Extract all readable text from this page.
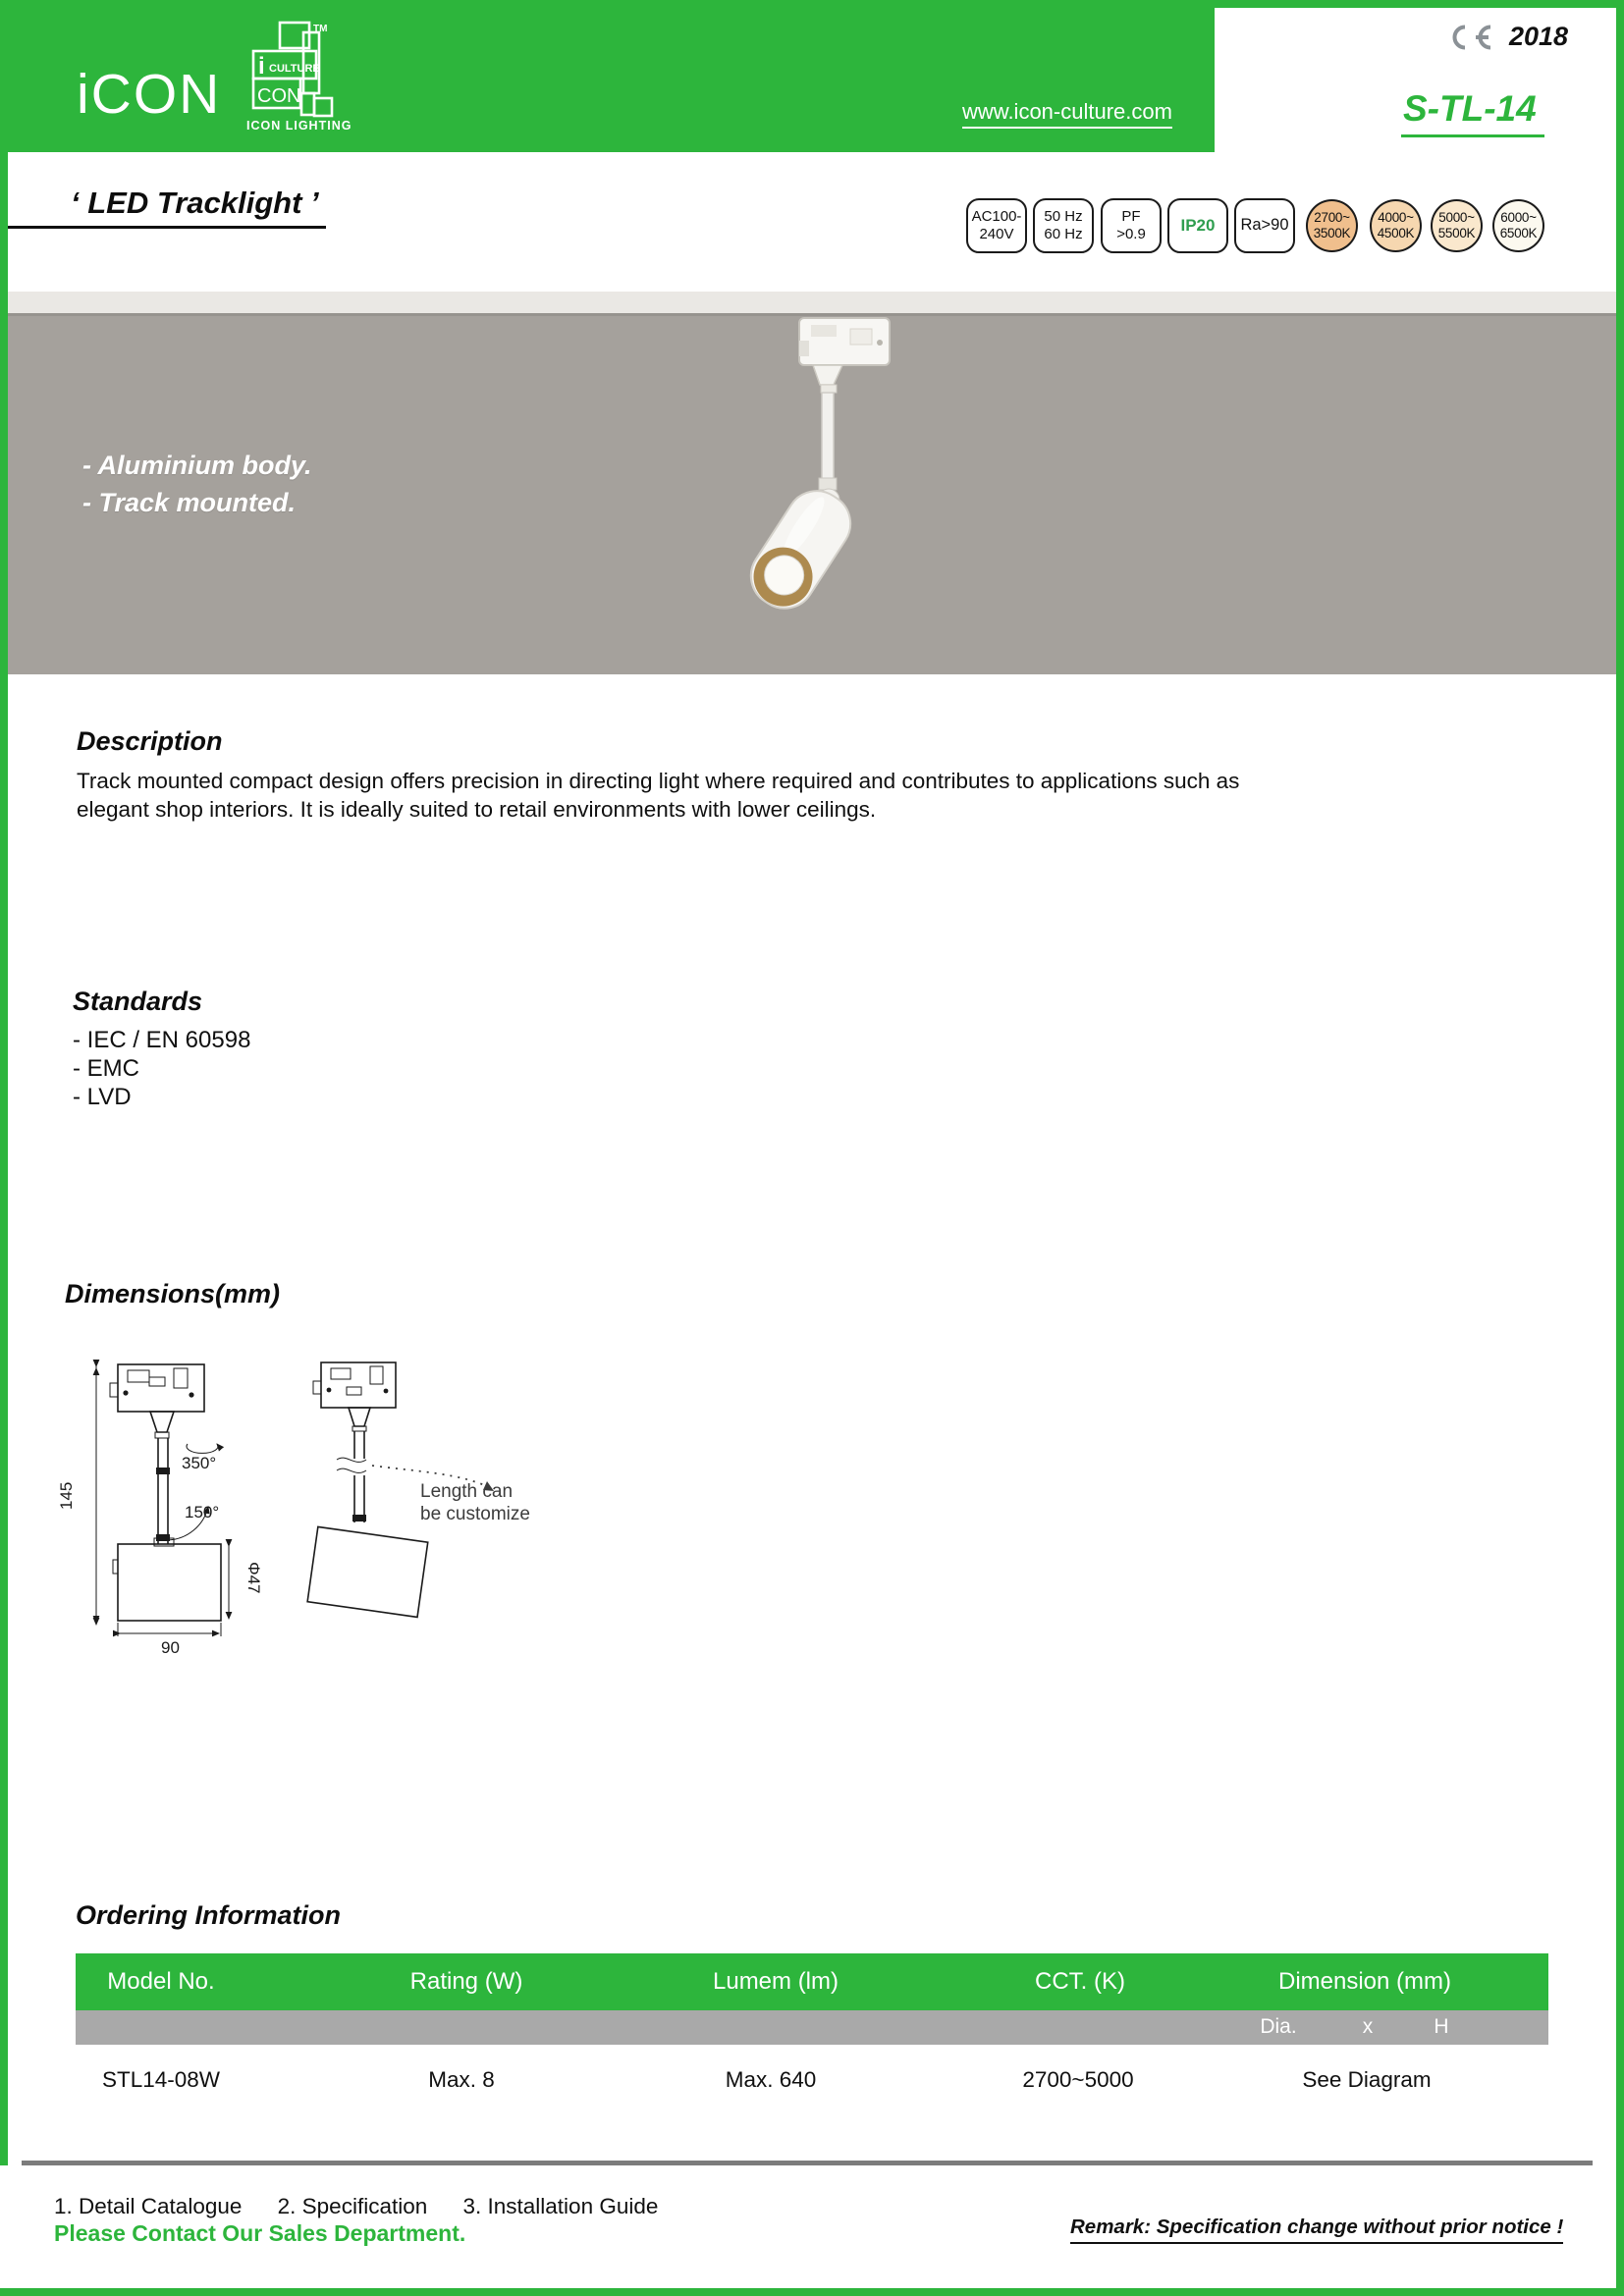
iCON
TM
i CULTURE
CON
ICON LIGHTING
www.icon-culture.com
2018
S-TL-14
‘ LED Tracklight ’	AC100-
240V
50 Hz
60 Hz
PF
>0.9 IP20 Ra>90 2700~
3500K
4000~
4500K
5000~
5500K
6000~
6500K
- Aluminium body.
- Track mounted.
Description
Track mounted compact design offers precision in directing light where required and contributes to applications such as
elegant shop interiors. It is ideally suited to retail environments with lower ceilings.
Standards
- IEC / EN 60598
- EMC
- LVD
Dimensions(mm)
145
350°
150°
Φ47
90
Length can
be customize
Ordering Information
Model No.	Rating (W)	Lumem (lm)	CCT. (K)	Dimension (mm)
Dia.	x	H
STL14-08W	Max. 8	Max. 640	2700~5000	See Diagram
1. Detail Catalogue 2. Specification 3. Installation Guide
Please Contact Our Sales Department.	Remark: Specification change without prior notice !
